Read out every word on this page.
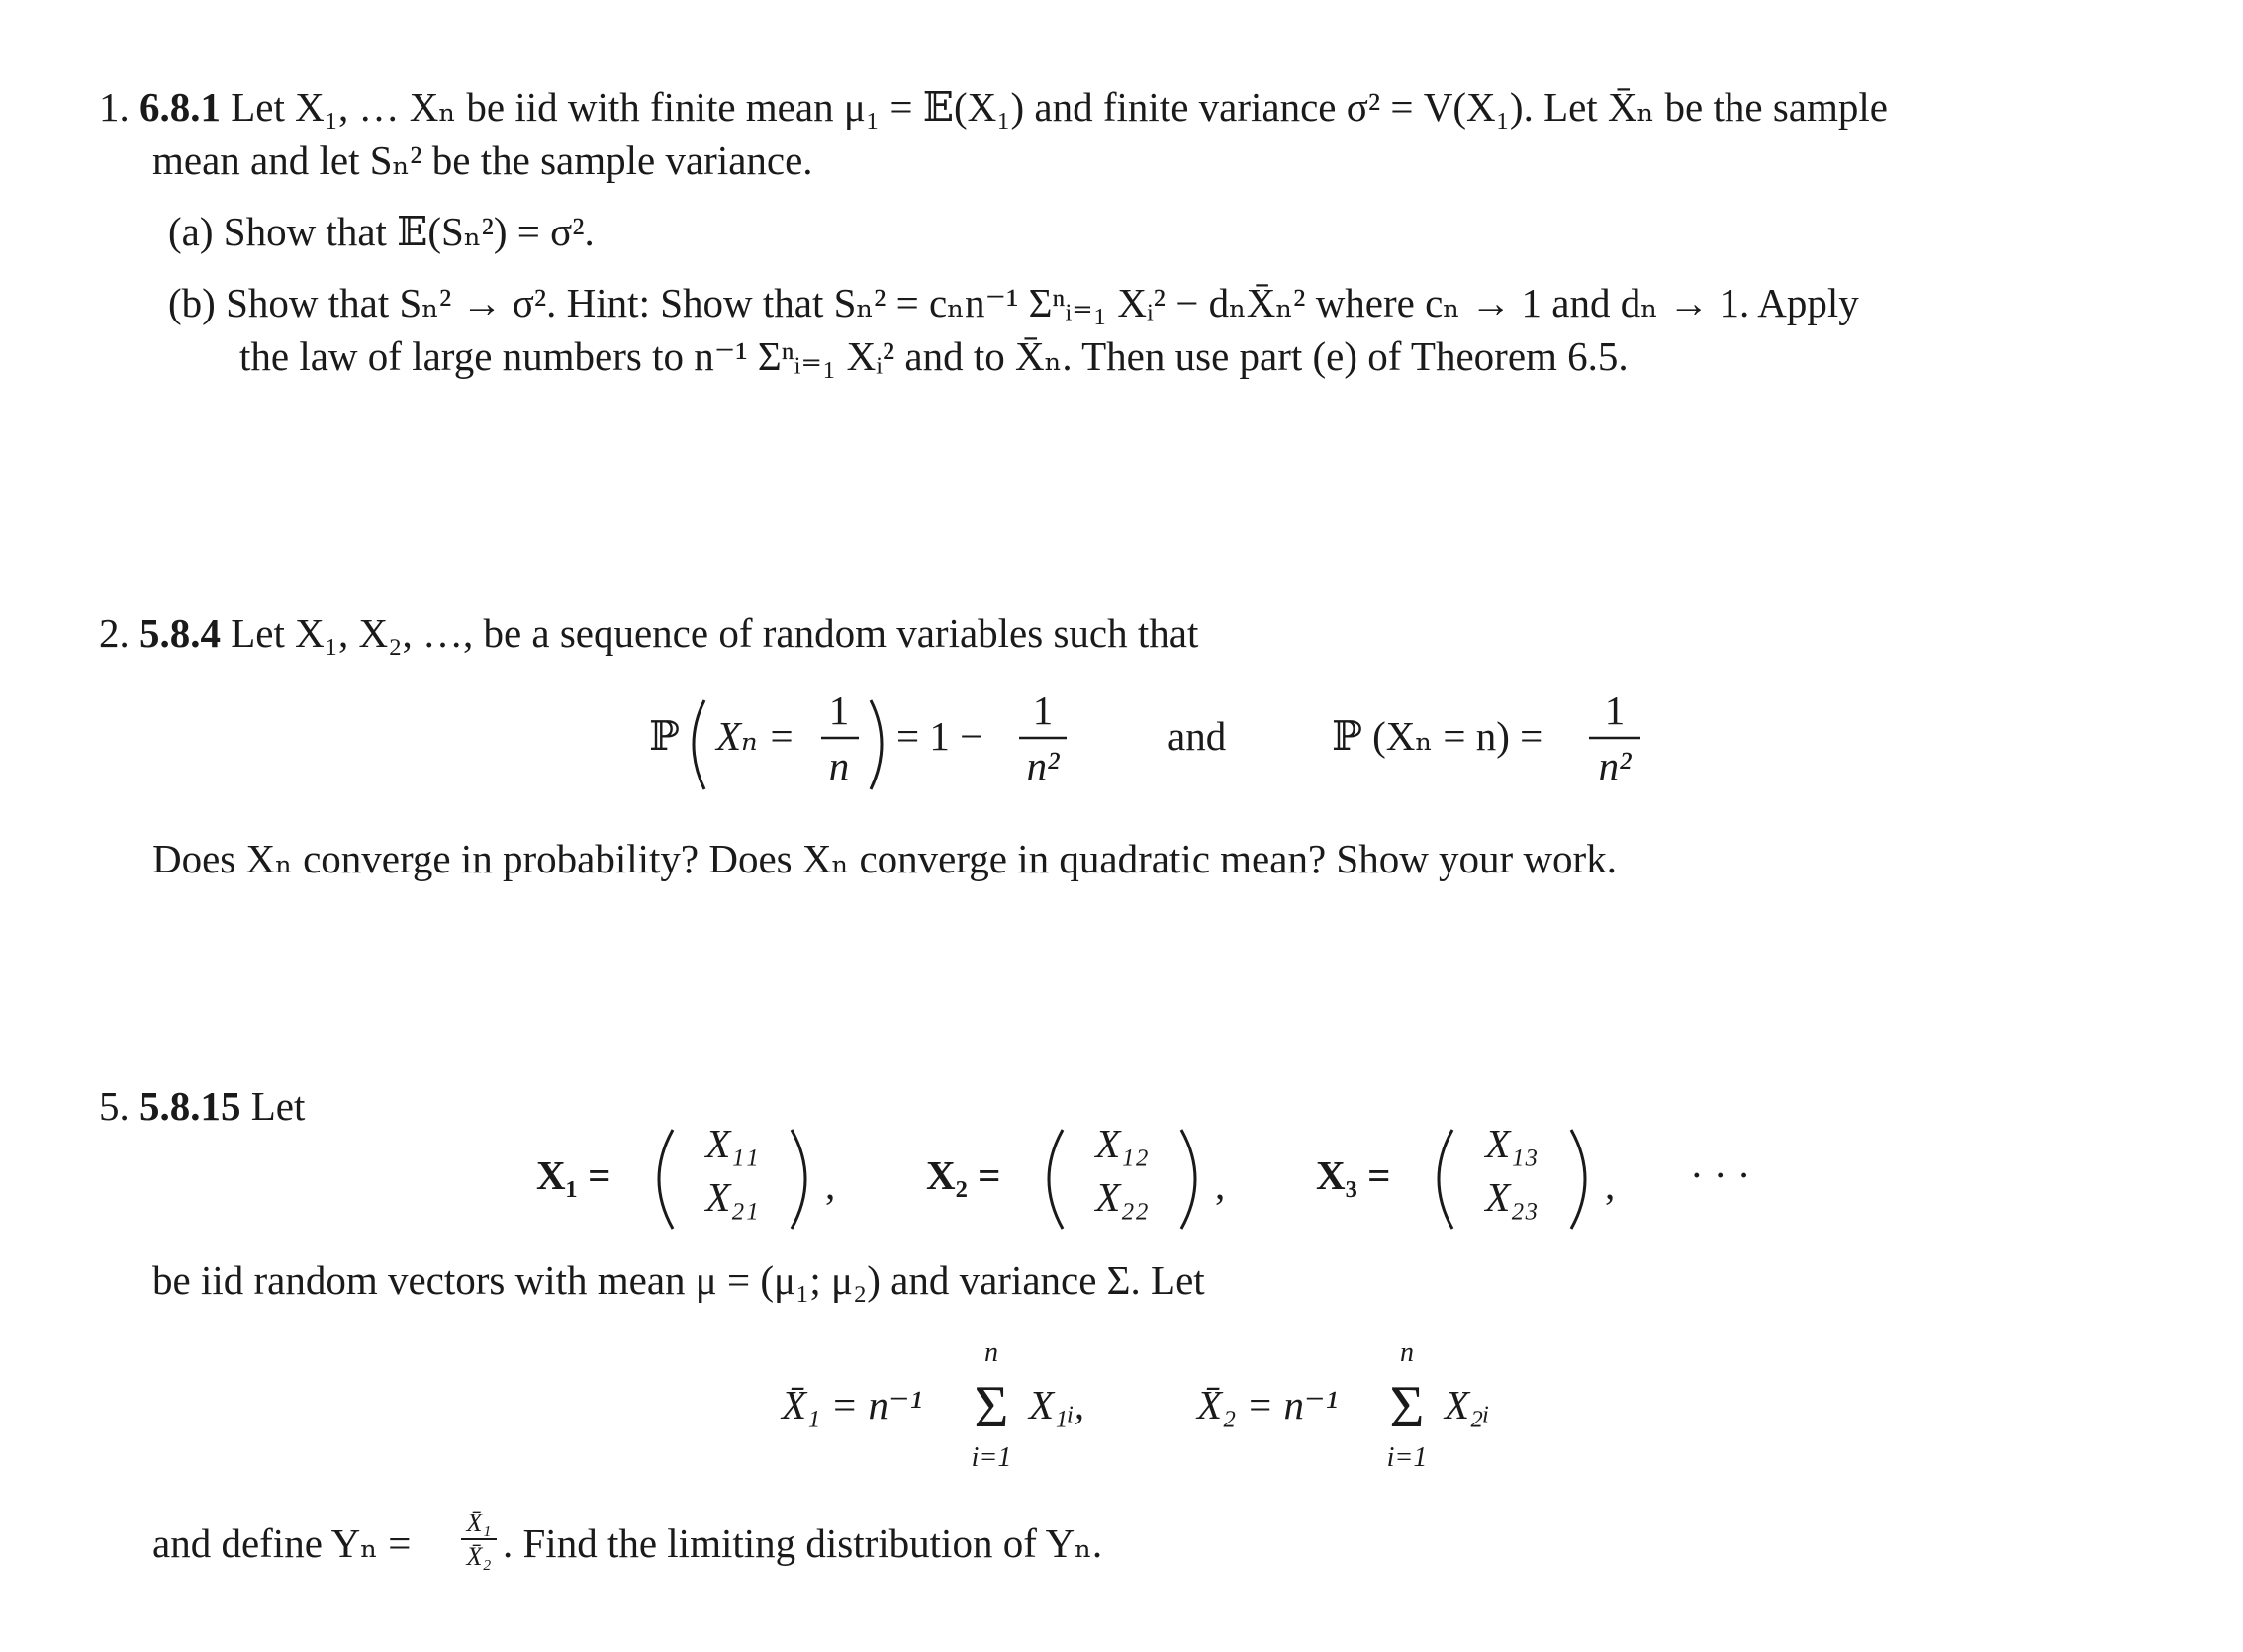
1. 6.8.1 Let X₁, … Xₙ be iid with finite mean μ₁ = 𝔼(X₁) and finite variance σ² = V(X₁). Let X̄ₙ be the sample
mean and let Sₙ² be the sample variance.
(a) Show that 𝔼(Sₙ²) = σ².
(b) Show that Sₙ² → σ². Hint: Show that Sₙ² = cₙn⁻¹ Σⁿᵢ₌₁ Xᵢ² − dₙX̄ₙ² where cₙ → 1 and dₙ → 1. Apply
the law of large numbers to n⁻¹ Σⁿᵢ₌₁ Xᵢ² and to X̄ₙ. Then use part (e) of Theorem 6.5.
2. 5.8.4 Let X₁, X₂, …, be a sequence of random variables such that
ℙ Xₙ =
1
n
= 1 −
1
n²
and	ℙ (Xₙ = n) =
1
n²
Does Xₙ converge in probability? Does Xₙ converge in quadratic mean? Show your work.
5. 5.8.15 Let
X₁ =
X₁₁
X₂₁ , X₂ =
X₁₂
X₂₂ , X₃ =
X₁₃
X₂₃ , · · ·
be iid random vectors with mean μ = (μ₁; μ₂) and variance Σ. Let
X̄₁ = n⁻¹
n
Σ
i=1
X₁ᵢ,	X̄₂ = n⁻¹
n
Σ
i=1
X₂ᵢ
and define Yₙ = X̄₁
X̄₂ . Find the limiting distribution of Yₙ.
